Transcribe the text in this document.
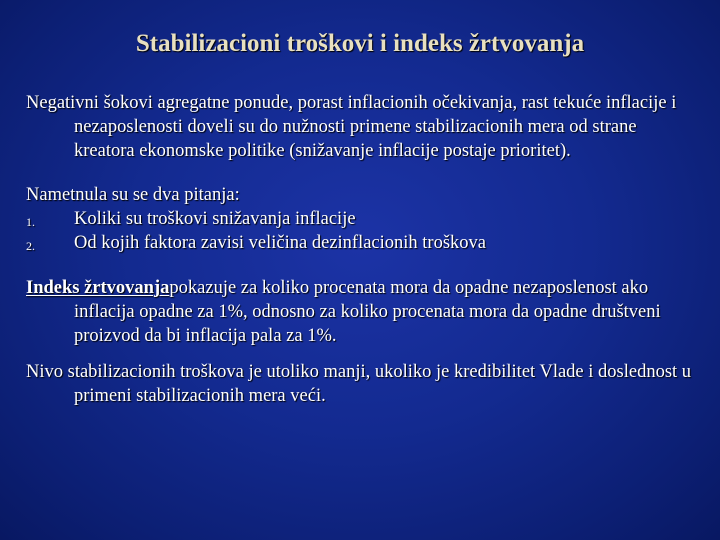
Stabilizacioni troškovi i indeks žrtvovanja

Negativni šokovi agregatne ponude, porast inflacionih očekivanja, rast tekuće inflacije i nezaposlenosti doveli su do nužnosti primene stabilizacionih mera od strane kreatora ekonomske politike (snižavanje inflacije postaje prioritet).

Nametnula su se dva pitanja:

1. Koliki su troškovi snižavanja inflacije
2. Od kojih faktora zavisi veličina dezinflacionih troškova

Indeks žrtvovanjapokazuje za koliko procenata mora da opadne nezaposlenost ako inflacija opadne za 1%, odnosno za koliko procenata mora da opadne društveni proizvod da bi inflacija pala za 1%.

Nivo stabilizacionih troškova je utoliko manji, ukoliko je kredibilitet Vlade i doslednost u primeni stabilizacionih mera veći.
